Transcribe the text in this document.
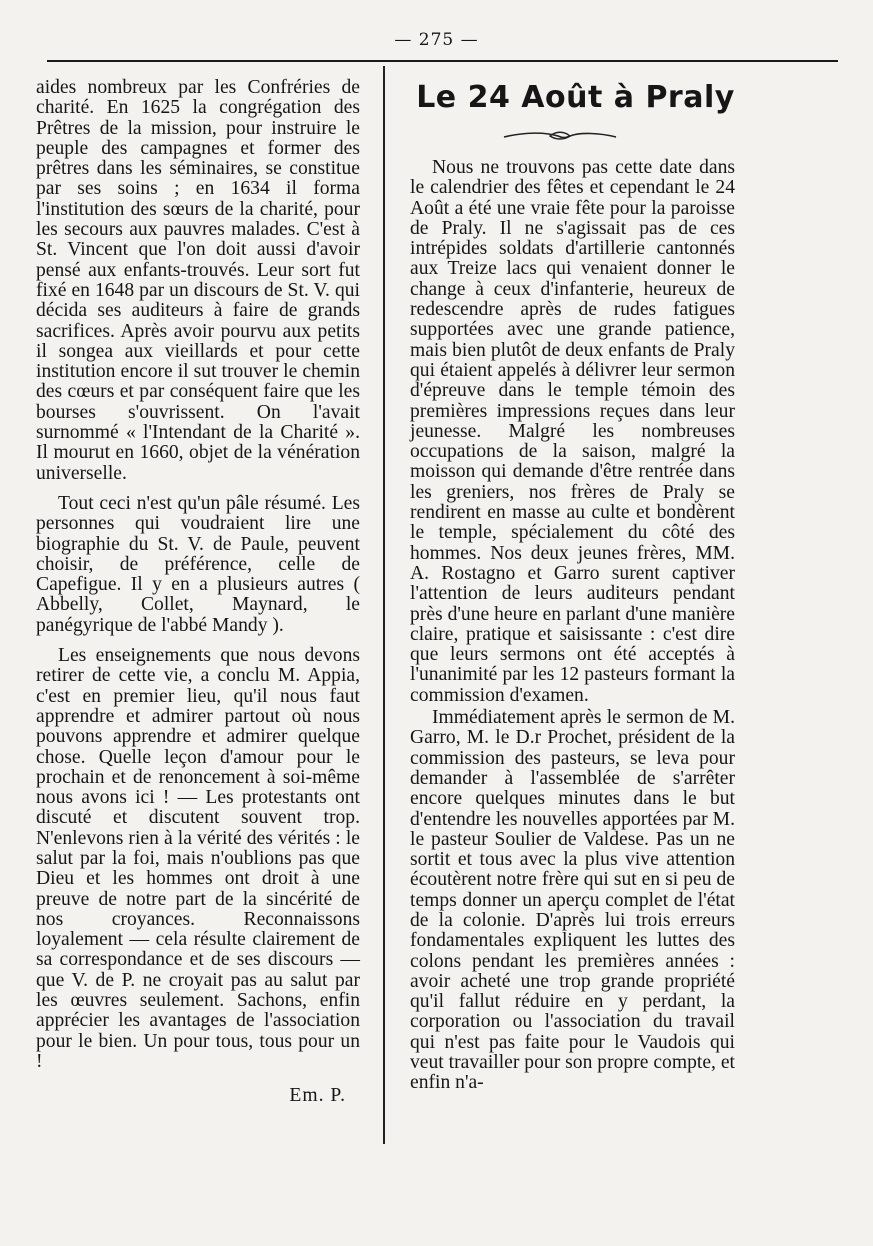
— 275 —

aides nombreux par les Confréries de charité. En 1625 la congrégation des Prêtres de la mission, pour instruire le peuple des campagnes et former des prêtres dans les séminaires, se constitue par ses soins ; en 1634 il forma l'institution des sœurs de la charité, pour les secours aux pauvres malades. C'est à St. Vincent que l'on doit aussi d'avoir pensé aux enfants-trouvés. Leur sort fut fixé en 1648 par un discours de St. V. qui décida ses auditeurs à faire de grands sacrifices. Après avoir pourvu aux petits il songea aux vieillards et pour cette institution encore il sut trouver le chemin des cœurs et par conséquent faire que les bourses s'ouvrissent. On l'avait surnommé « l'Intendant de la Charité ». Il mourut en 1660, objet de la vénération universelle.

Tout ceci n'est qu'un pâle résumé. Les personnes qui voudraient lire une biographie du St. V. de Paule, peuvent choisir, de préférence, celle de Capefigue. Il y en a plusieurs autres ( Abbelly, Collet, Maynard, le panégyrique de l'abbé Mandy ).

Les enseignements que nous devons retirer de cette vie, a conclu M. Appia, c'est en premier lieu, qu'il nous faut apprendre et admirer partout où nous pouvons apprendre et admirer quelque chose. Quelle leçon d'amour pour le prochain et de renoncement à soi-même nous avons ici ! — Les protestants ont discuté et discutent souvent trop. N'enlevons rien à la vérité des vérités : le salut par la foi, mais n'oublions pas que Dieu et les hommes ont droit à une preuve de notre part de la sincérité de nos croyances. Reconnaissons loyalement — cela résulte clairement de sa correspondance et de ses discours — que V. de P. ne croyait pas au salut par les œuvres seulement. Sachons, enfin apprécier les avantages de l'association pour le bien. Un pour tous, tous pour un !

Em. P.
Le 24 Août à Praly

Nous ne trouvons pas cette date dans le calendrier des fêtes et cependant le 24 Août a été une vraie fête pour la paroisse de Praly. Il ne s'agissait pas de ces intrépides soldats d'artillerie cantonnés aux Treize lacs qui venaient donner le change à ceux d'infanterie, heureux de redescendre après de rudes fatigues supportées avec une grande patience, mais bien plutôt de deux enfants de Praly qui étaient appelés à délivrer leur sermon d'épreuve dans le temple témoin des premières impressions reçues dans leur jeunesse. Malgré les nombreuses occupations de la saison, malgré la moisson qui demande d'être rentrée dans les greniers, nos frères de Praly se rendirent en masse au culte et bondèrent le temple, spécialement du côté des hommes. Nos deux jeunes frères, MM. A. Rostagno et Garro surent captiver l'attention de leurs auditeurs pendant près d'une heure en parlant d'une manière claire, pratique et saisissante : c'est dire que leurs sermons ont été acceptés à l'unanimité par les 12 pasteurs formant la commission d'examen.

Immédiatement après le sermon de M. Garro, M. le D.r Prochet, président de la commission des pasteurs, se leva pour demander à l'assemblée de s'arrêter encore quelques minutes dans le but d'entendre les nouvelles apportées par M. le pasteur Soulier de Valdese. Pas un ne sortit et tous avec la plus vive attention écoutèrent notre frère qui sut en si peu de temps donner un aperçu complet de l'état de la colonie. D'après lui trois erreurs fondamentales expliquent les luttes des colons pendant les premières années : avoir acheté une trop grande propriété qu'il fallut réduire en y perdant, la corporation ou l'association du travail qui n'est pas faite pour le Vaudois qui veut travailler pour son propre compte, et enfin n'a-
